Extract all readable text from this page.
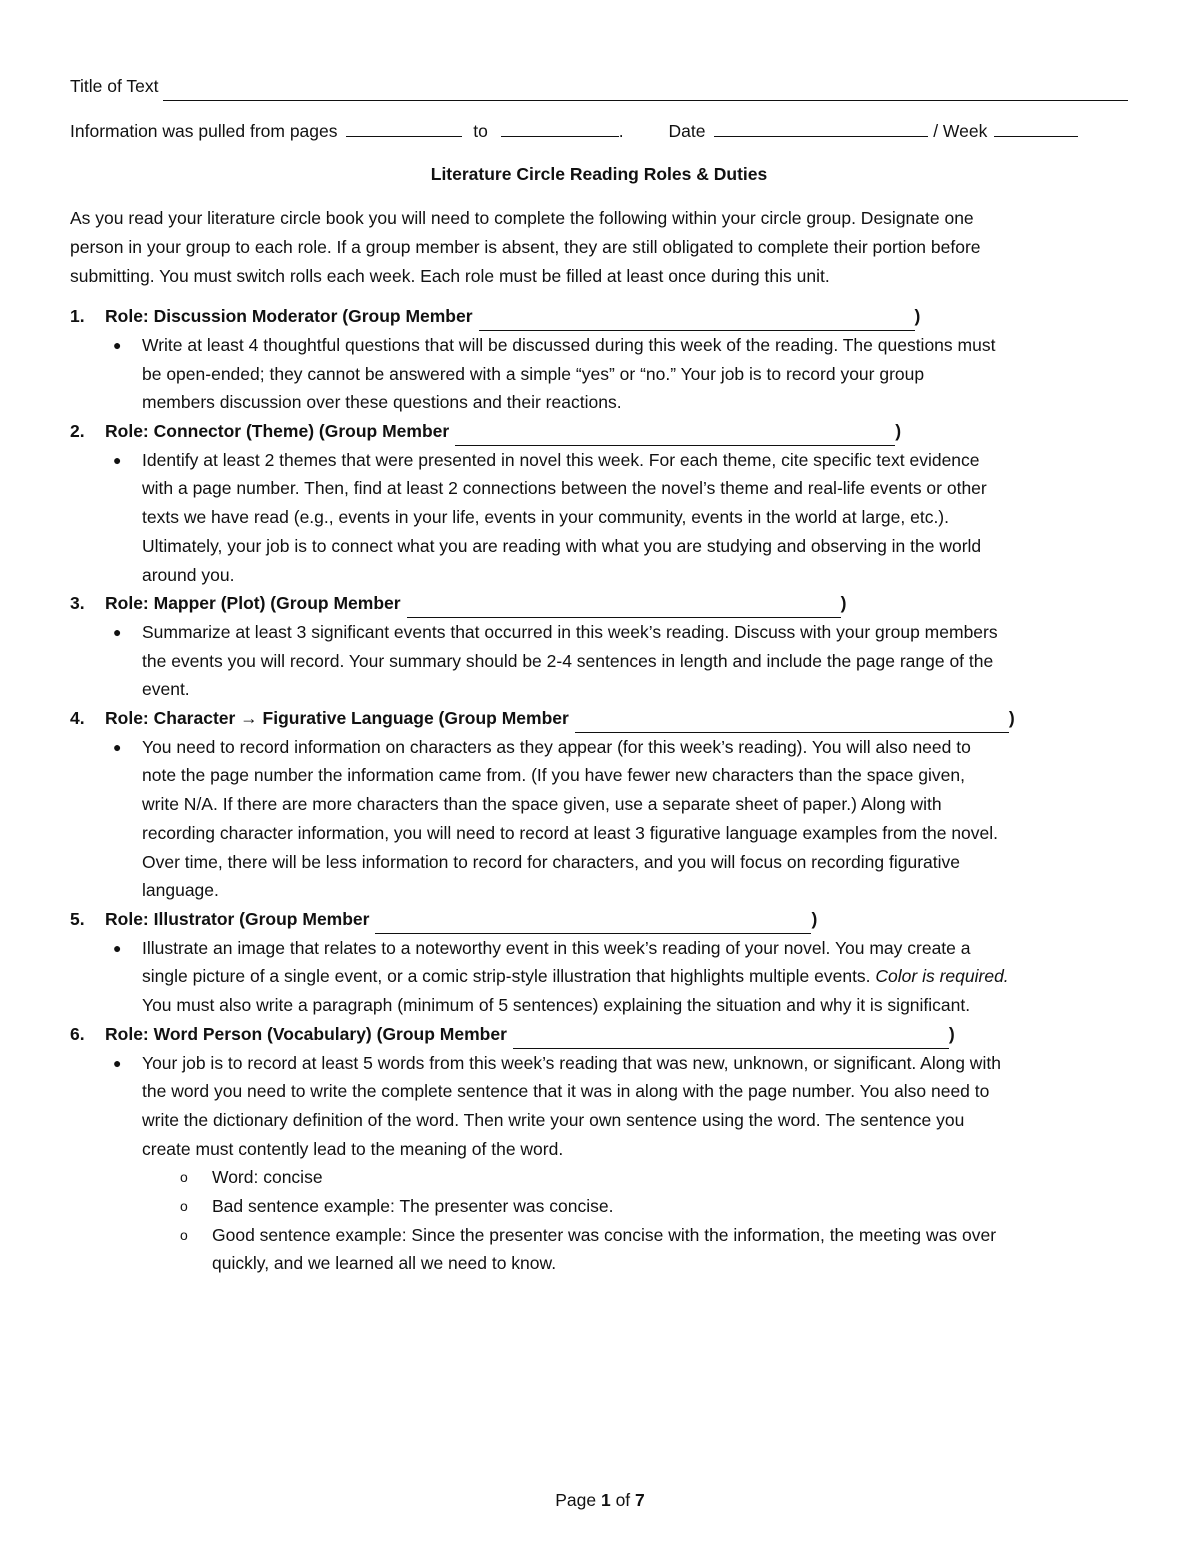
Title of Text
Information was pulled from pages	to	.	Date	/ Week
Literature Circle Reading Roles & Duties
As you read your literature circle book you will need to complete the following within your circle group. Designate one
person in your group to each role. If a group member is absent, they are still obligated to complete their portion before
submitting. You must switch rolls each week. Each role must be filled at least once during this unit.
1.	Role: Discussion Moderator (Group Member	)
● Write at least 4 thoughtful questions that will be discussed during this week of the reading. The questions must
be open-ended; they cannot be answered with a simple “yes” or “no.” Your job is to record your group
members discussion over these questions and their reactions.
2.	Role: Connector (Theme) (Group Member	)
● Identify at least 2 themes that were presented in novel this week. For each theme, cite specific text evidence
with a page number. Then, find at least 2 connections between the novel’s theme and real-life events or other
texts we have read (e.g., events in your life, events in your community, events in the world at large, etc.).
Ultimately, your job is to connect what you are reading with what you are studying and observing in the world
around you.
3.	Role: Mapper (Plot) (Group Member	)
● Summarize at least 3 significant events that occurred in this week’s reading. Discuss with your group members
the events you will record. Your summary should be 2-4 sentences in length and include the page range of the
event.
4.	Role: Character → Figurative Language (Group Member	)
● You need to record information on characters as they appear (for this week’s reading). You will also need to
note the page number the information came from. (If you have fewer new characters than the space given,
write N/A. If there are more characters than the space given, use a separate sheet of paper.) Along with
recording character information, you will need to record at least 3 figurative language examples from the novel.
Over time, there will be less information to record for characters, and you will focus on recording figurative
language.
5.	Role: Illustrator (Group Member	)
● Illustrate an image that relates to a noteworthy event in this week’s reading of your novel. You may create a
single picture of a single event, or a comic strip-style illustration that highlights multiple events. Color is required.
You must also write a paragraph (minimum of 5 sentences) explaining the situation and why it is significant.
6.	Role: Word Person (Vocabulary) (Group Member	)
● Your job is to record at least 5 words from this week’s reading that was new, unknown, or significant. Along with
the word you need to write the complete sentence that it was in along with the page number. You also need to
write the dictionary definition of the word. Then write your own sentence using the word. The sentence you
create must contently lead to the meaning of the word.
o Word: concise
o Bad sentence example: The presenter was concise.
o Good sentence example: Since the presenter was concise with the information, the meeting was over
quickly, and we learned all we need to know.
Page 1 of 7
